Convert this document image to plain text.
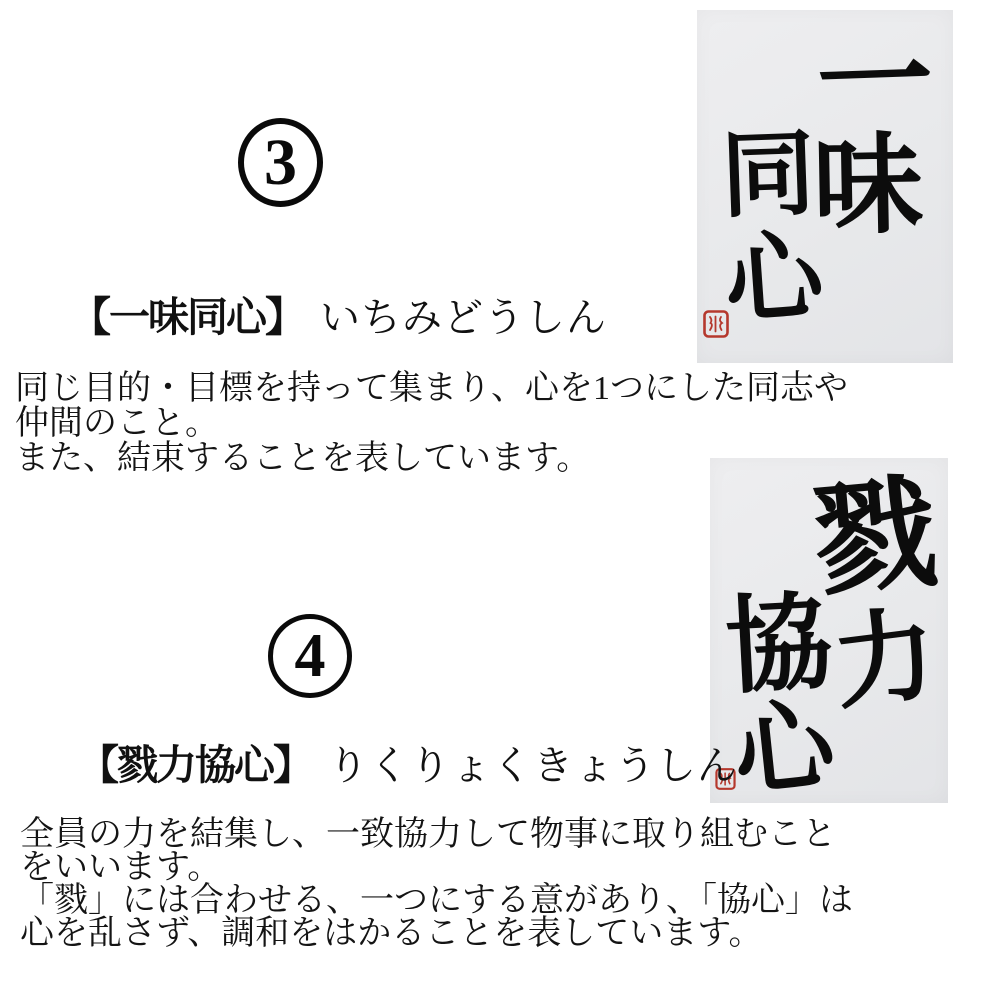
3
一
味
同
心
【一味同心】 いちみどうしん
同じ目的・目標を持って集まり、心を1つにした同志や
仲間のこと。
また、結束することを表しています。
4
戮
力
協
心
【戮力協心】 りくりょくきょうしん
全員の力を結集し、一致協力して物事に取り組むこと
をいいます。
「戮」には合わせる、一つにする意があり、「協心」は
心を乱さず、調和をはかることを表しています。
